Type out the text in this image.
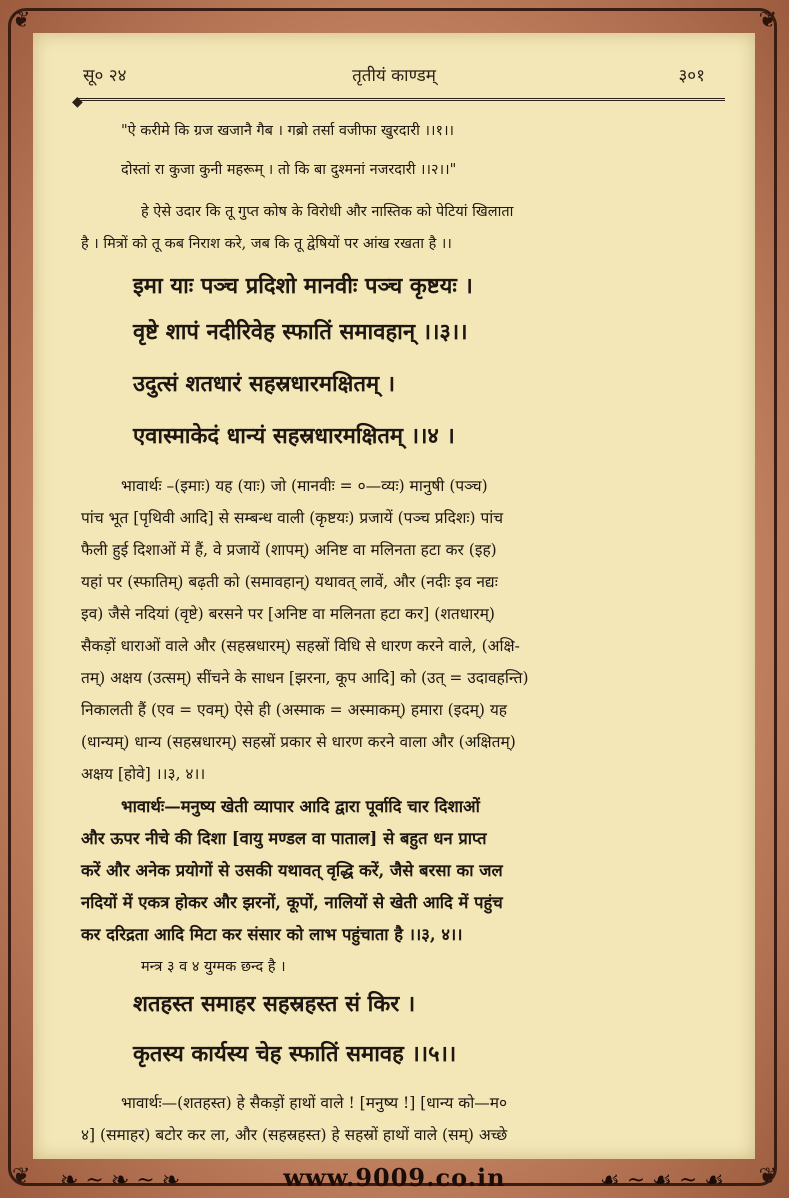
❦	❦
❦	❦
सू० २४	तृतीयं काण्डम्	३०१
◆
"ऐ करीमे कि ग्रज खजानै गैब । गब्रो तर्सा वजीफा खुरदारी ।।१।।
दोस्तां रा कुजा कुनी महरूम् । तो कि बा दुश्मनां नजरदारी ।।२।।"
हे ऐसे उदार कि तू गुप्त कोष के विरोधी और नास्तिक को पेटियां खिलाता
है । मित्रों को तू कब निराश करे, जब कि तू द्वेषियों पर आंख रखता है ।।
इमा याः पञ्च प्रदिशो मानवीः पञ्च कृष्टयः ।
वृष्टे शापं नदीरिवेह स्फातिं समावहान् ।।३।।
उदुत्सं शतधारं सहस्रधारमक्षितम् ।
एवास्माकेदं धान्यं सहस्रधारमक्षितम् ।।४ ।
भावार्थः –(इमाः) यह (याः) जो (मानवीः = ०—व्यः) मानुषी (पञ्च)
पांच भूत [पृथिवी आदि] से सम्बन्ध वाली (कृष्टयः) प्रजायें (पञ्च प्रदिशः) पांच
फैली हुई दिशाओं में हैं, वे प्रजायें (शापम्) अनिष्ट वा मलिनता हटा कर (इह)
यहां पर (स्फातिम्) बढ़ती को (समावहान्) यथावत् लावें, और (नदीः इव नद्यः
इव) जैसे नदियां (वृष्टे) बरसने पर [अनिष्ट वा मलिनता हटा कर] (शतधारम्)
सैकड़ों धाराओं वाले और (सहस्रधारम्) सहस्रों विधि से धारण करने वाले, (अक्षि-
तम्) अक्षय (उत्सम्) सींचने के साधन [झरना, कूप आदि] को (उत् = उदावहन्ति)
निकालती हैं (एव = एवम्) ऐसे ही (अस्माक = अस्माकम्) हमारा (इदम्) यह
(धान्यम्) धान्य (सहस्रधारम्) सहस्रों प्रकार से धारण करने वाला और (अक्षितम्)
अक्षय [होवे] ।।३, ४।।
भावार्थः—मनुष्य खेती व्यापार आदि द्वारा पूर्वादि चार दिशाओं
और ऊपर नीचे की दिशा [वायु मण्डल वा पाताल] से बहुत धन प्राप्त
करें और अनेक प्रयोगों से उसकी यथावत् वृद्धि करें, जैसे बरसा का जल
नदियों में एकत्र होकर और झरनों, कूपों, नालियों से खेती आदि में पहुंच
कर दरिद्रता आदि मिटा कर संसार को लाभ पहुंचाता है ।।३, ४।।
मन्त्र ३ व ४ युग्मक छन्द है ।
शतहस्त समाहर सहस्रहस्त सं किर ।
कृतस्य कार्यस्य चेह स्फातिं समावह ।।५।।
भावार्थः—(शतहस्त) हे सैकड़ों हाथों वाले ! [मनुष्य !] [धान्य को—म०
४] (समाहर) बटोर कर ला, और (सहस्रहस्त) हे सहस्रों हाथों वाले (सम्) अच्छे
❧ ~ ❧ ~ ❧	www.9009.co.in	☙ ~ ☙ ~ ☙
